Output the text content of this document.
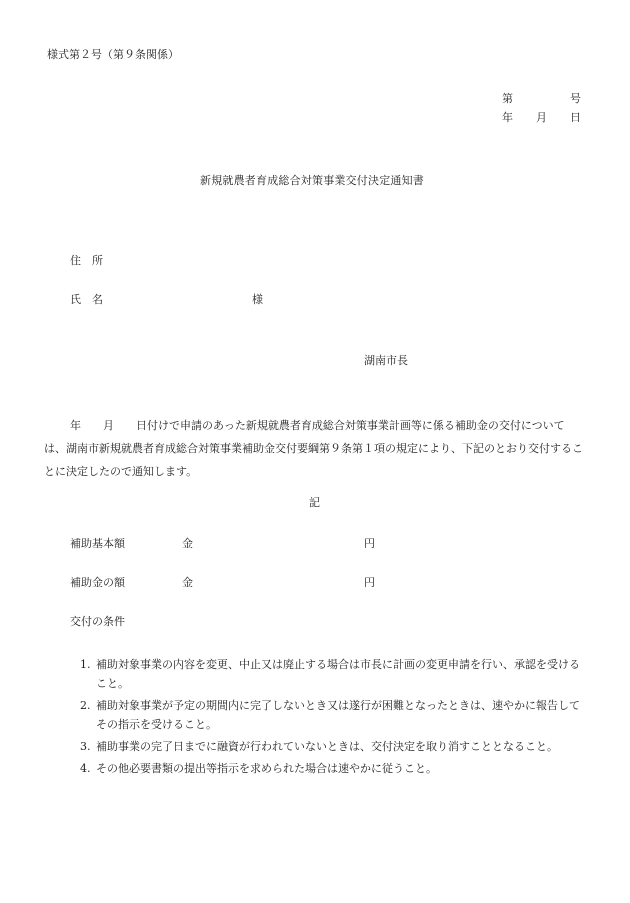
様式第２号（第９条関係）
第	号
年 月 日
新規就農者育成総合対策事業交付決定通知書
住　所
氏　名	様
湖南市長
年　　月　　日付けで申請のあった新規就農者育成総合対策事業計画等に係る補助金の交付については、湖南市新規就農者育成総合対策事業補助金交付要綱第９条第１項の規定により、下記のとおり交付することに決定したので通知します。
記
補助基本額	金	円
補助金の額	金	円
交付の条件
1. 補助対象事業の内容を変更、中止又は廃止する場合は市長に計画の変更申請を行い、承認を受けること。
2. 補助対象事業が予定の期間内に完了しないとき又は遂行が困難となったときは、速やかに報告してその指示を受けること。
3. 補助事業の完了日までに融資が行われていないときは、交付決定を取り消すこととなること。
4. その他必要書類の提出等指示を求められた場合は速やかに従うこと。
